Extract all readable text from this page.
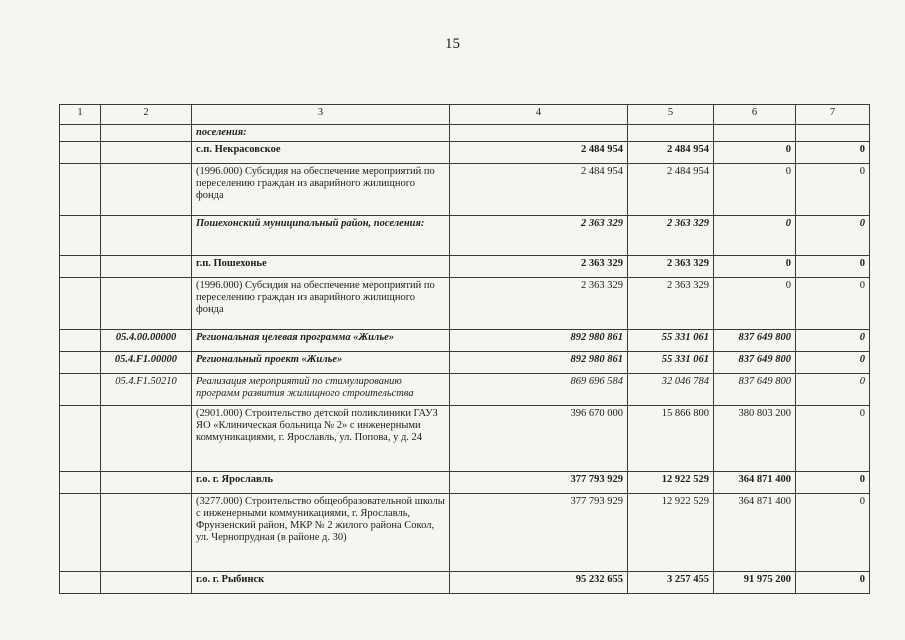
15
1	2	3	4	5	6	7
		поселения:				
		с.п. Некрасовское	2 484 954	2 484 954	0	0
		(1996.000) Субсидия на обеспечение мероприятий по переселению граждан из аварийного жилищного фонда	2 484 954	2 484 954	0	0
		Пошехонский муниципальный район, поселения:	2 363 329	2 363 329	0	0
		г.п. Пошехонье	2 363 329	2 363 329	0	0
		(1996.000) Субсидия на обеспечение мероприятий по переселению граждан из аварийного жилищного фонда	2 363 329	2 363 329	0	0
	05.4.00.00000	Региональная целевая программа «Жилье»	892 980 861	55 331 061	837 649 800	0
	05.4.F1.00000	Региональный проект «Жилье»	892 980 861	55 331 061	837 649 800	0
	05.4.F1.50210	Реализация мероприятий по стимулированию программ развития жилищного строительства	869 696 584	32 046 784	837 649 800	0
		(2901.000) Строительство детской поликлиники ГАУЗ ЯО «Клиническая больница № 2» с инженерными коммуникациями, г. Ярославль, ул. Попова, у д. 24	396 670 000	15 866 800	380 803 200	0
		г.о. г. Ярославль	377 793 929	12 922 529	364 871 400	0
		(3277.000) Строительство общеобразовательной школы с инженерными коммуникациями, г. Ярославль, Фрунзенский район, МКР № 2 жилого района Сокол, ул. Чернопрудная (в районе д. 30)	377 793 929	12 922 529	364 871 400	0
		г.о. г. Рыбинск	95 232 655	3 257 455	91 975 200	0
